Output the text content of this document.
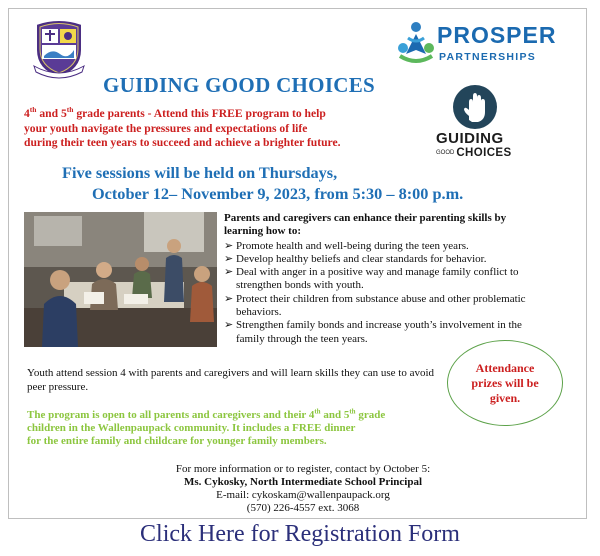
PROSPER
PARTNERSHIPS
GUIDING
GOOD CHOICES
GUIDING GOOD CHOICES
4th and 5th grade parents - Attend this FREE program to help
your youth navigate the pressures and expectations of life
during their teen years to succeed and achieve a brighter future.
Five sessions will be held on Thursdays,
October 12– November 9, 2023, from 5:30 – 8:00 p.m.
Parents and caregivers can enhance their parenting skills by learning how to:
➢ Promote health and well-being during the teen years.
➢ Develop healthy beliefs and clear standards for behavior.
➢ Deal with anger in a positive way and manage family conflict to strengthen bonds with youth.
➢ Protect their children from substance abuse and other problematic behaviors.
➢ Strengthen family bonds and increase youth’s involvement in the family through the teen years.
Attendance prizes will be given.
Youth attend session 4 with parents and caregivers and will learn skills they can use to avoid peer pressure.
The program is open to all parents and caregivers and their 4th and 5th grade
children in the Wallenpaupack community. It includes a FREE dinner
for the entire family and childcare for younger family members.
For more information or to register, contact by October 5:
Ms. Cykosky, North Intermediate School Principal
E-mail: cykoskam@wallenpaupack.org
(570) 226-4557 ext. 3068
Click Here for Registration Form
